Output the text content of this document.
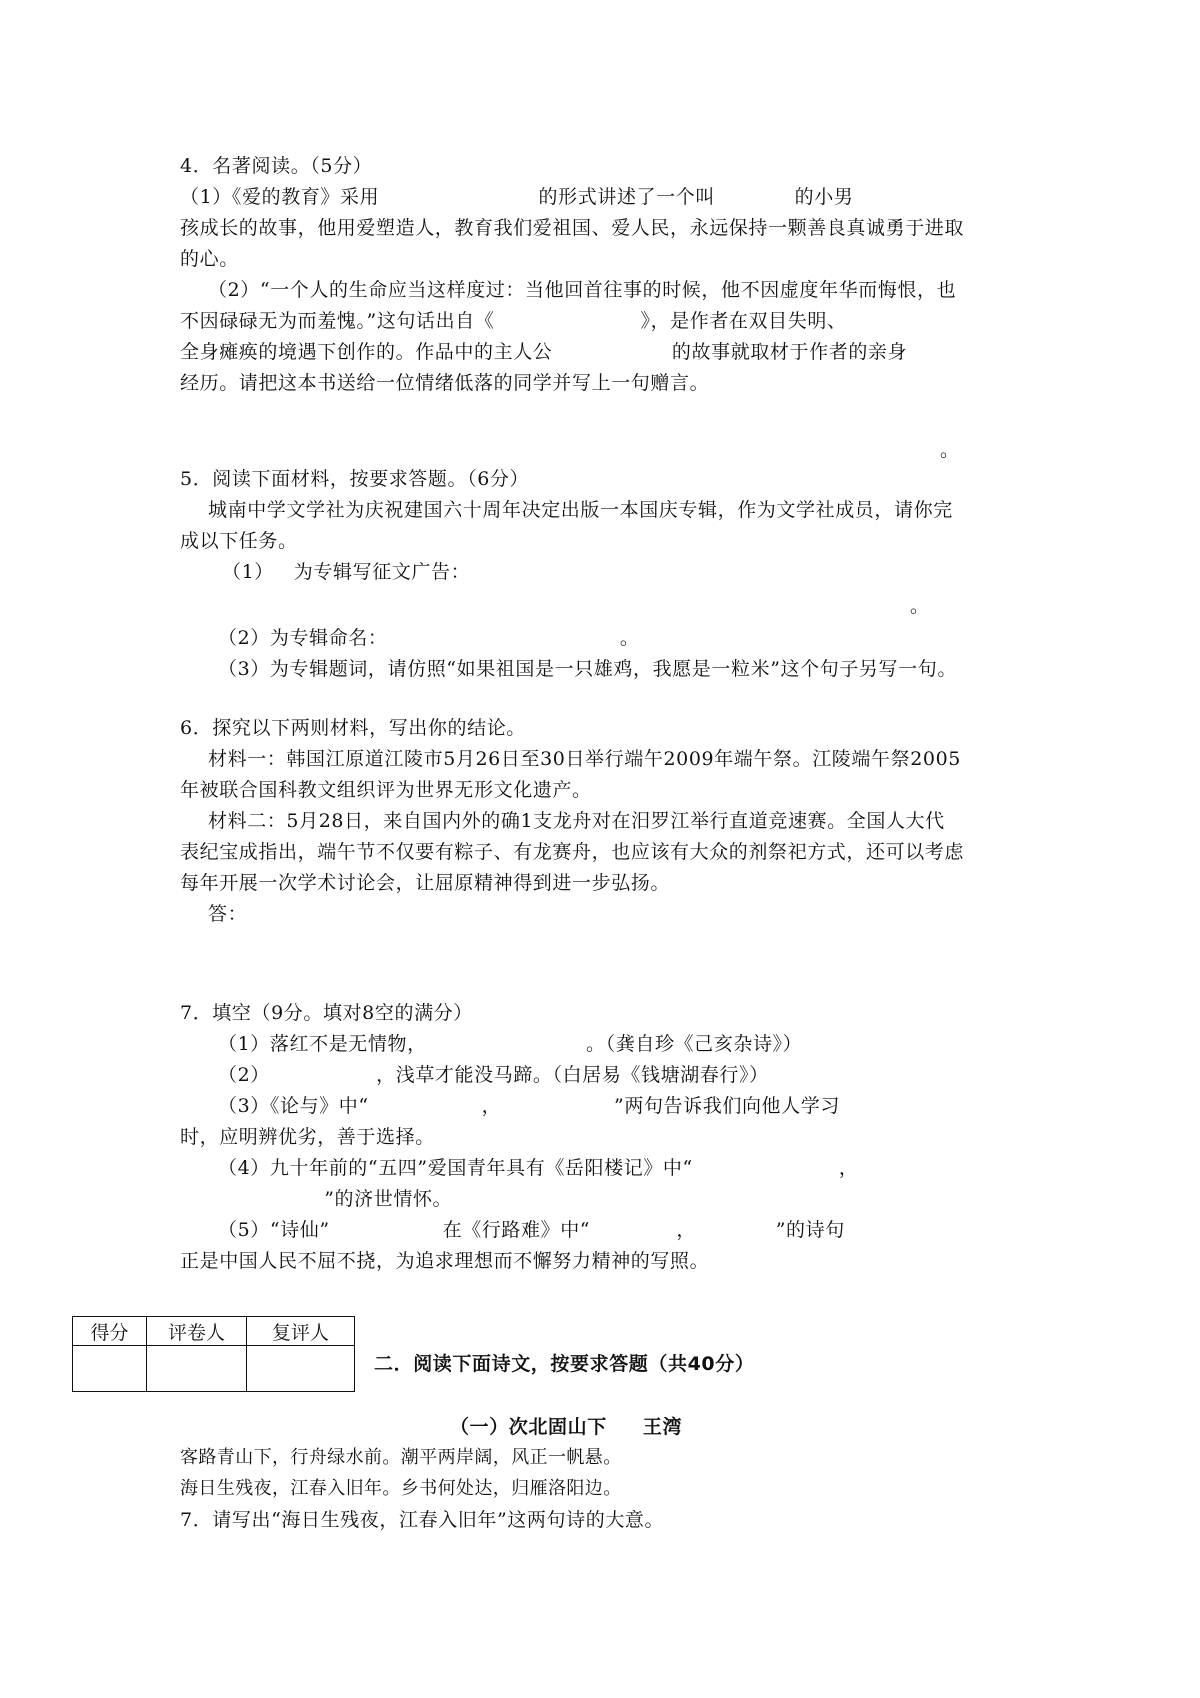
4．名著阅读。（5分）

（1）《爱的教育》采用                        的形式讲述了一个叫            的小男

孩成长的故事，他用爱塑造人，教育我们爱祖国、爱人民，永远保持一颗善良真诚勇于进取

的心。

（2）“一个人的生命应当这样度过：当他回首往事的时候，他不因虚度年华而悔恨，也

不因碌碌无为而羞愧。”这句话出自《                      》，是作者在双目失明、

全身瘫痪的境遇下创作的。作品中的主人公                  的故事就取材于作者的亲身

经历。请把这本书送给一位情绪低落的同学并写上一句赠言。

。

5．阅读下面材料，按要求答题。（6分）

城南中学文学社为庆祝建国六十周年决定出版一本国庆专辑，作为文学社成员，请你完

成以下任务。

（1）   为专辑写征文广告：

。

（2）为专辑命名：                                   。

（3）为专辑题词，请仿照“如果祖国是一只雄鸡，我愿是一粒米”这个句子另写一句。

6．探究以下两则材料，写出你的结论。

材料一：韩国江原道江陵市5月26日至30日举行端午2009年端午祭。江陵端午祭2005

年被联合国科教文组织评为世界无形文化遗产。

材料二：5月28日，来自国内外的确1支龙舟对在汨罗江举行直道竞速赛。全国人大代

表纪宝成指出，端午节不仅要有粽子、有龙赛舟，也应该有大众的剂祭祀方式，还可以考虑

每年开展一次学术讨论会，让屈原精神得到进一步弘扬。

答：

7．填空（9分。填对8空的满分）

（1）落红不是无情物，                        。（龚自珍《己亥杂诗》）

（2）                ，浅草才能没马蹄。（白居易《钱塘湖春行》）

（3）《论与》中“                 ，                 ”两句告诉我们向他人学习

时，应明辨优劣，善于选择。

（4）九十年前的“五四”爱国青年具有《岳阳楼记》中“                      ，

”的济世情怀。

（5）“诗仙”                 在《行路难》中“             ，            ”的诗句

正是中国人民不屈不挠，为追求理想而不懈努力精神的写照。

得分	评卷人	复评人

二．阅读下面诗文，按要求答题（共40分）

（一）次北固山下     王湾

客路青山下，行舟绿水前。潮平两岸阔，风正一帆悬。

海日生残夜，江春入旧年。乡书何处达，归雁洛阳边。

7．请写出“海日生残夜，江春入旧年”这两句诗的大意。
